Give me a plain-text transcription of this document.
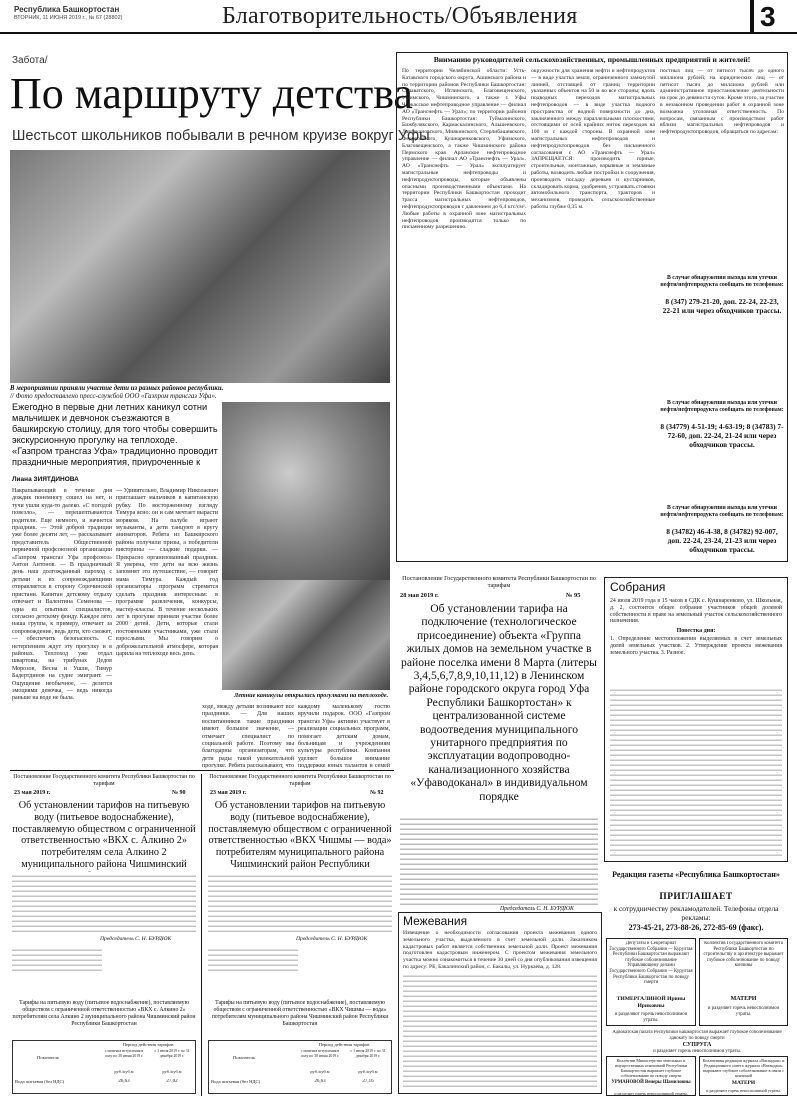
Республика Башкортостан
ВТОРНИК, 11 ИЮНЯ 2019 г., № 67 (28802)	Благотворительность/Объявления	3
Забота/
По маршруту детства
Шестьсот школьников побывали в речном круизе вокруг Уфы
В мероприятии приняли участие дети из разных районов республики.
// Фото предоставлено пресс-службой ООО «Газпром трансгаз Уфа».
Ежегодно в первые дни летних каникул сотни мальчишек и девчонок съезжаются в башкирскую столицу, для того чтобы совершить экскурсионную прогулку на теплоходе. «Газпром трансгаз Уфа» традиционно проводит праздничные мероприятия, приуроченные к
Лиана ЗИЯТДИНОВА
Накрапывающий в течение дня дождик понемногу сошел на нет, и тучи ушли куда-то далеко. «С погодой повезло», — перешептываются родители. Еще немного, и начнется праздник. — Этой доброй традиции уже более десяти лет, — рассказывает представитель Общественной первичной профсоюзной организации «Газпром трансгаз Уфа профсоюз» Антон Антонов. — В праздничный день наш долгожданный пароход с детьми и их сопровождающими отправляется в сторону Сорочинской пристани. Капитан детскому отдыху отвечает и Валентина Семенова — одна из опытных специалистов, согласно детскому фонду. Каждое лето наша группа, к примеру, отвечает за сопровождение, ведь дети, кто сможет, — обеспечить безопасность. С нетерпением ждут эту прогулку и в районах. Теплоход уже отдал швартовы, на трибунах Дедов Морозов, Весна и Ушли, Тимур Бадертдинов на судне эмигрант. — Ощущение необычное, — делится эмоциями девочка, — ведь никогда раньше на воде не была.
— Удивительно, Владимир Николаевич приглашает мальчиков в капитанскую рубку. По восторженному взгляду Тимура ясно: он и сам мечтает вырасти моряком. На палубе играют музыканты, а дети танцуют в кругу аниматоров. Ребята из Башкирского района получили призы, а победители викторины — сладкие подарки. — Прекрасно организованный праздник. Я уверена, что дети на всю жизнь запомнят это путешествие, — говорит мама Тимура. Каждый год организаторы программ стремятся сделать праздник интересным: в программе развлечения, конкурсы, мастер-классы. В течение нескольких лет в прогулке приняли участие более 2000 детей. Дети, которые стали постоянными участниками, уже стали взрослыми. Мы говорим о доброжелательной атмосфере, которая царила на теплоходе весь день.
Летние каникулы открылись прогулками на теплоходе.
ходе, между детьми возникают все праздники. — Для наших воспитанников такие праздники имеют большое значение, — отмечает специалист по социальной работе. Поэтому мы благодарны организаторам, что дети рады такой увлекательной прогулке. Ребята рассказывают, что
каждому маленькому гостю вручили подарок. ООО «Газпром трансгаз Уфа» активно участвует в реализации социальных программ, помогает детским домам, больницам и учреждениям культуры республики. Компания уделяет большое внимание поддержке юных талантов и семей
Вниманию руководителей сельскохозяйственных, промышленных предприятий и жителей!
По территории Челябинской области: Усть-Катавского городского округа, Ашинского района и по территории районов Республики Башкортостан: Салаватского, Иглинского, Благовещенского, Уфимского, Чишминского, а также г. Уфы Черкасское нефтепроводное управление — филиал АО «Транснефть — Урал»; по территории районов Республики Башкортостан: Туймазинского, Бижбулякского, Кармаскалинского, Альшеевского, Давлекановского, Миякинского, Стерлибашевского, Федоровского, Кушнаренковского, Уфимского, Благовещенского, а также Чишминского района Пермского края Арланское нефтепроводное управление — филиал АО «Транснефть — Урал». АО «Транснефть — Урал» эксплуатирует магистральные нефтепроводы и нефтепродуктопроводы, которые объявлены опасными производственными объектами. На территории Республики Башкортостан проходит трасса магистральных нефтепроводов, нефтепродуктопроводов с давлением до 6,4 кгс/см². Любые работы в охранной зоне магистральных нефтепроводов производятся только по письменному разрешению.
окружности для хранения нефти и нефтепродуктов — в виде участка земли, ограниченного замкнутой линией, отстоящей от границ территории указанных объектов на 50 м во все стороны; вдоль подводных переходов магистральных нефтепроводов — в виде участка водного пространства от водной поверхности до дна, заключенного между параллельными плоскостями, отстоящими от осей крайних ниток переходов на 100 м с каждой стороны. В охранной зоне магистральных нефтепроводов и нефтепродуктопроводов без письменного согласования с АО «Транснефть — Урал» ЗАПРЕЩАЕТСЯ: производить горные, строительные, монтажные, взрывные и земляные работы, возводить любые постройки и сооружения, производить посадку деревьев и кустарников, складировать корма, удобрения, устраивать стоянки автомобильного транспорта, тракторов и механизмов, проводить сельскохозяйственные работы глубже 0,35 м.
постных лиц — от пятисот тысяч до одного миллиона рублей; на юридических лиц — от пятисот тысяч до миллиона рублей или административное приостановление деятельности на срок до девяноста суток. Кроме этого, за участие в незаконном проведении работ в охранной зоне возможна уголовная ответственность. По вопросам, связанным с производством работ вблизи магистральных нефтепроводов и нефтепродуктопроводов, обращаться по адресам:
В случае обнаружения выхода или утечки нефти/нефтепродукта сообщать по телефонам:
8 (347) 279-21-20, доп. 22-24, 22-23, 22-21 или через обходчиков трассы.
В случае обнаружения выхода или утечки нефти/нефтепродукта сообщать по телефонам:
8 (34779) 4-51-19; 4-63-19; 8 (34783) 7-72-60, доп. 22-24, 21-24 или через обходчиков трассы.
В случае обнаружения выхода или утечки нефти/нефтепродукта сообщать по телефонам:
8 (34782) 46-4-38, 8 (34782) 92-007, доп. 22-24, 23-24, 21-23 или через обходчиков трассы.
Постановление Государственного комитета Республики Башкортостан по тарифам
28 мая 2019 г.	№ 95
Об установлении тарифа на подключение (технологическое присоединение) объекта «Группа жилых домов на земельном участке в районе поселка имени 8 Марта (литеры 3,4,5,6,7,8,9,10,11,12) в Ленинском районе городского округа город Уфа Республики Башкортостан» к централизованной системе водоотведения муниципального унитарного предприятия по эксплуатации водопроводно-канализационного хозяйства «Уфаводоканал» в индивидуальном порядке
Председатель С. Н. БУРДЮК
Собрания
24 июля 2019 года в 15 часов в СДК с. Кушнаренково, ул. Школьная, д. 2, состоится общее собрание участников общей долевой собственности в праве на земельный участок сельскохозяйственного назначения.
Повестка дня:
1. Определение местоположения выделяемых в счет земельных долей земельных участков. 2. Утверждение проекта межевания земельного участка. 3. Разное.
Редакция газеты «Республика Башкортостан»
ПРИГЛАШАЕТ
к сотрудничеству рекламодателей. Телефоны отдела рекламы:
273-45-21, 273-88-26, 272-85-69 (факс).
Межевания
Извещение о необходимости согласования проекта межевания одного земельного участка, выделяемого в счет земельной доли. Заказчиком кадастровых работ является собственник земельной доли. Проект межевания подготовлен кадастровым инженером. С проектом межевания земельного участка можно ознакомиться в течение 30 дней со дня опубликования извещения по адресу: РБ, Бакалинский район, с. Бакалы, ул. Нуркаева, д. 128.
Депутаты и Секретариат Государственного Собрания — Курултая Республики Башкортостан выражают глубокое соболезнование Управляющему делами Государственного Собрания — Курултая Республики Башкортостан по поводу смерти
ТИМЕРГАЛИНОЙ Ирины Ириковны
и разделяют горечь невосполнимой утраты.
Коллектив Государственного комитета Республики Башкортостан по строительству и архитектуре выражает глубокое соболезнование по поводу кончины
МАТЕРИ
и разделяет горечь невосполнимой утраты.
Адвокатская палата Республики Башкортостан выражает глубокое соболезнование адвокату по поводу смерти
СУПРУГА
и разделяет горечь невосполнимой утраты.
Коллектив Министерства земельных и имущественных отношений Республики Башкортостан выражает глубокое соболезнование по поводу смерти
УРМАНОВОЙ Венеры Шамиловны
и разделяет горечь невосполнимой утраты.
Коллективы редакции журнала «Ватандаш» и Редакционного совета журнала «Ватандаш» выражают глубокое соболезнование в связи с кончиной
МАТЕРИ
и разделяют горечь невосполнимой утраты.
Постановление Государственного комитета Республики Башкортостан по тарифам
23 мая 2019 г.	№ 90
Об установлении тарифов на питьевую воду (питьевое водоснабжение), поставляемую обществом с ограниченной ответственностью «ВКХ с. Алкино 2» потребителям села Алкино 2 муниципального района Чишминский
Председатель С. Н. БУРДЮК
Тарифы на питьевую воду (питьевое водоснабжение), поставляемую обществом с ограниченной ответственностью «ВКХ с. Алкино 2» потребителям села Алкино 2 муниципального района Чишминский район Республики Башкортостан
Показатель
Период действия тарифов
с момента вступления в силу по 30 июня 2019 г.
с 1 июля 2019 г. по 31 декабря 2019 г.
руб./куб.м	руб./куб.м
Вода питьевая (без НДС)	26,63	27,02
Постановление Государственного комитета Республики Башкортостан по тарифам
23 мая 2019 г.	№ 92
Об установлении тарифов на питьевую воду (питьевое водоснабжение), поставляемую обществом с ограниченной ответственностью «ВКХ Чишмы — вода» потребителям муниципального района Чишминский район Республики
Председатель С. Н. БУРДЮК
Тарифы на питьевую воду (питьевое водоснабжение), поставляемую обществом с ограниченной ответственностью «ВКХ Чишмы — вода» потребителям муниципального района Чишминский район Республики Башкортостан
Показатель
Период действия тарифов
с момента вступления в силу по 30 июня 2019 г.
с 1 июля 2019 г. по 31 декабря 2019 г.
руб./куб.м	руб./куб.м
Вода питьевая (без НДС)	26,63	27,16
